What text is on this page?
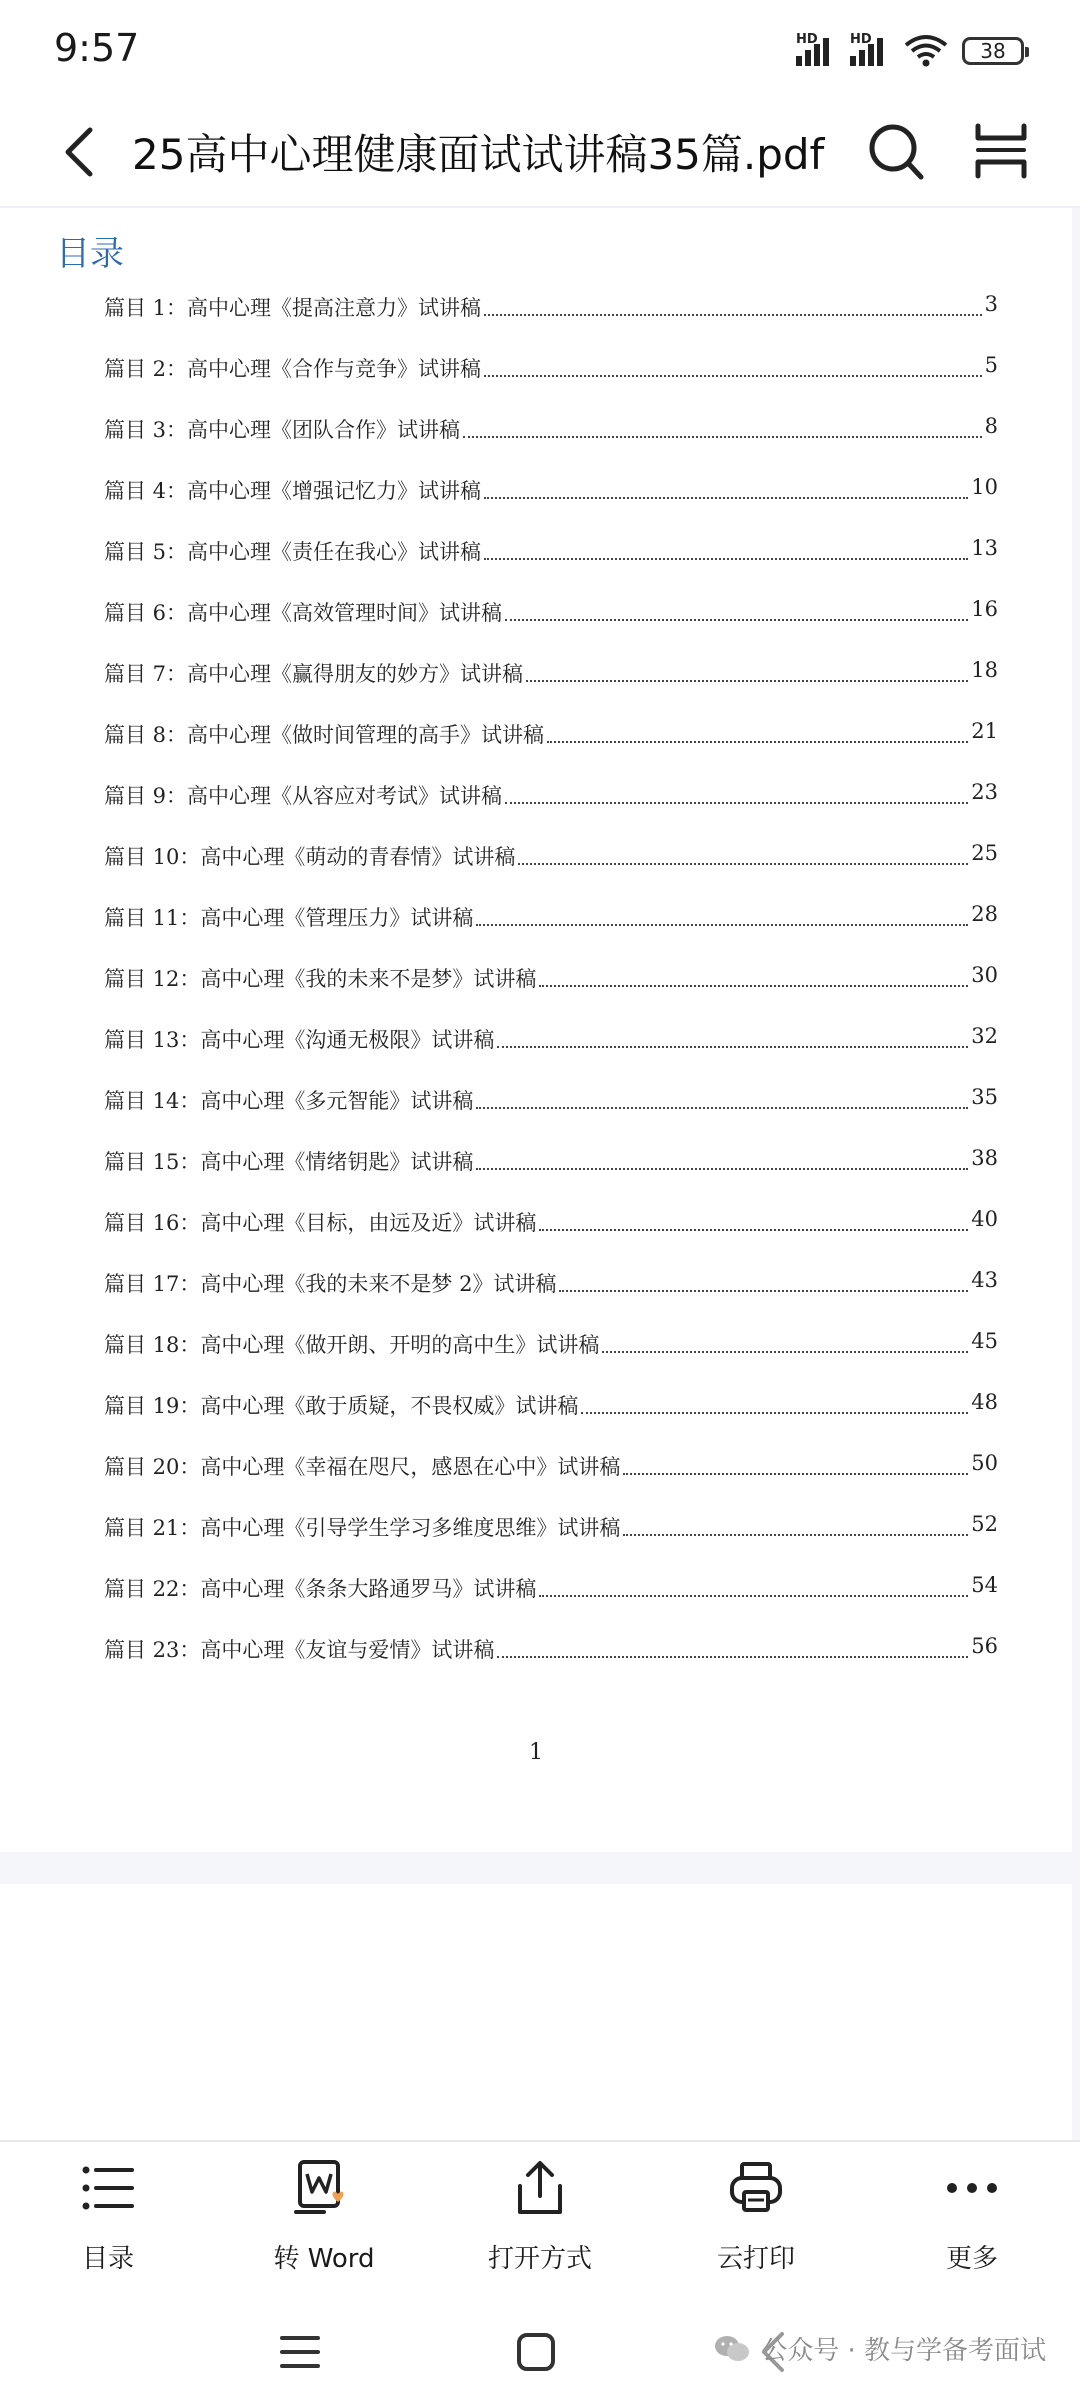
9:57	HD HD	38
25高中心理健康面试试讲稿35篇.pdf
目录
篇目 1：高中心理《提高注意力》试讲稿	3
篇目 2：高中心理《合作与竞争》试讲稿	5
篇目 3：高中心理《团队合作》试讲稿	8
篇目 4：高中心理《增强记忆力》试讲稿	10
篇目 5：高中心理《责任在我心》试讲稿	13
篇目 6：高中心理《高效管理时间》试讲稿	16
篇目 7：高中心理《赢得朋友的妙方》试讲稿	18
篇目 8：高中心理《做时间管理的高手》试讲稿	21
篇目 9：高中心理《从容应对考试》试讲稿	23
篇目 10：高中心理《萌动的青春情》试讲稿	25
篇目 11：高中心理《管理压力》试讲稿	28
篇目 12：高中心理《我的未来不是梦》试讲稿	30
篇目 13：高中心理《沟通无极限》试讲稿	32
篇目 14：高中心理《多元智能》试讲稿	35
篇目 15：高中心理《情绪钥匙》试讲稿	38
篇目 16：高中心理《目标，由远及近》试讲稿	40
篇目 17：高中心理《我的未来不是梦 2》试讲稿	43
篇目 18：高中心理《做开朗、开明的高中生》试讲稿	45
篇目 19：高中心理《敢于质疑，不畏权威》试讲稿	48
篇目 20：高中心理《幸福在咫尺，感恩在心中》试讲稿	50
篇目 21：高中心理《引导学生学习多维度思维》试讲稿	52
篇目 22：高中心理《条条大路通罗马》试讲稿	54
篇目 23：高中心理《友谊与爱情》试讲稿	56
1
目录	转 Word	打开方式	云打印	更多
公众号 · 教与学备考面试
